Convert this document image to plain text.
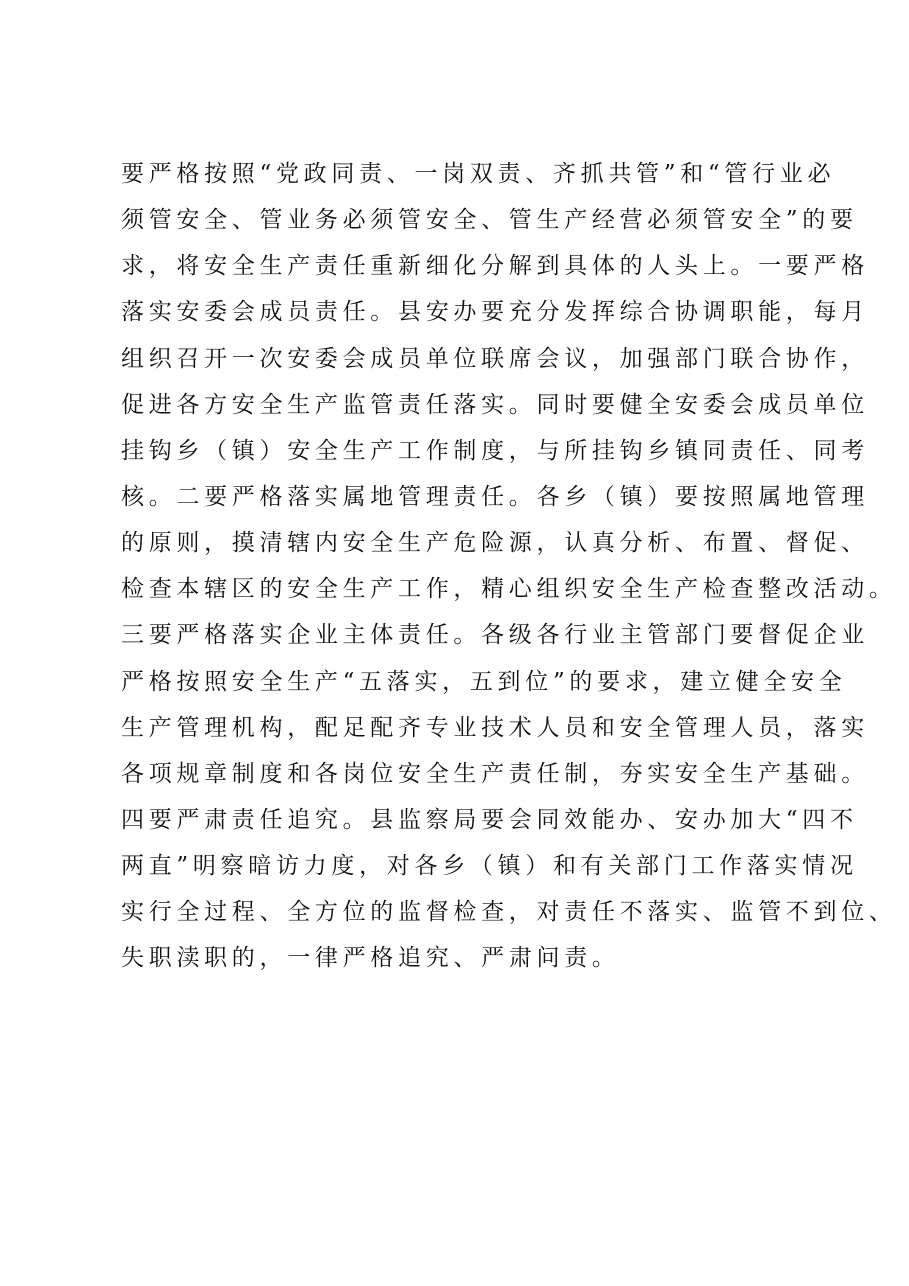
要严格按照“党政同责、一岗双责、齐抓共管”和“管行业必
须管安全、管业务必须管安全、管生产经营必须管安全”的要
求，将安全生产责任重新细化分解到具体的人头上。一要严格
落实安委会成员责任。县安办要充分发挥综合协调职能，每月
组织召开一次安委会成员单位联席会议，加强部门联合协作，
促进各方安全生产监管责任落实。同时要健全安委会成员单位
挂钩乡（镇）安全生产工作制度，与所挂钩乡镇同责任、同考
核。二要严格落实属地管理责任。各乡（镇）要按照属地管理
的原则，摸清辖内安全生产危险源，认真分析、布置、督促、
检查本辖区的安全生产工作，精心组织安全生产检查整改活动。
三要严格落实企业主体责任。各级各行业主管部门要督促企业
严格按照安全生产“五落实，五到位”的要求，建立健全安全
生产管理机构，配足配齐专业技术人员和安全管理人员，落实
各项规章制度和各岗位安全生产责任制，夯实安全生产基础。
四要严肃责任追究。县监察局要会同效能办、安办加大“四不
两直”明察暗访力度，对各乡（镇）和有关部门工作落实情况
实行全过程、全方位的监督检查，对责任不落实、监管不到位、
失职渎职的，一律严格追究、严肃问责。
